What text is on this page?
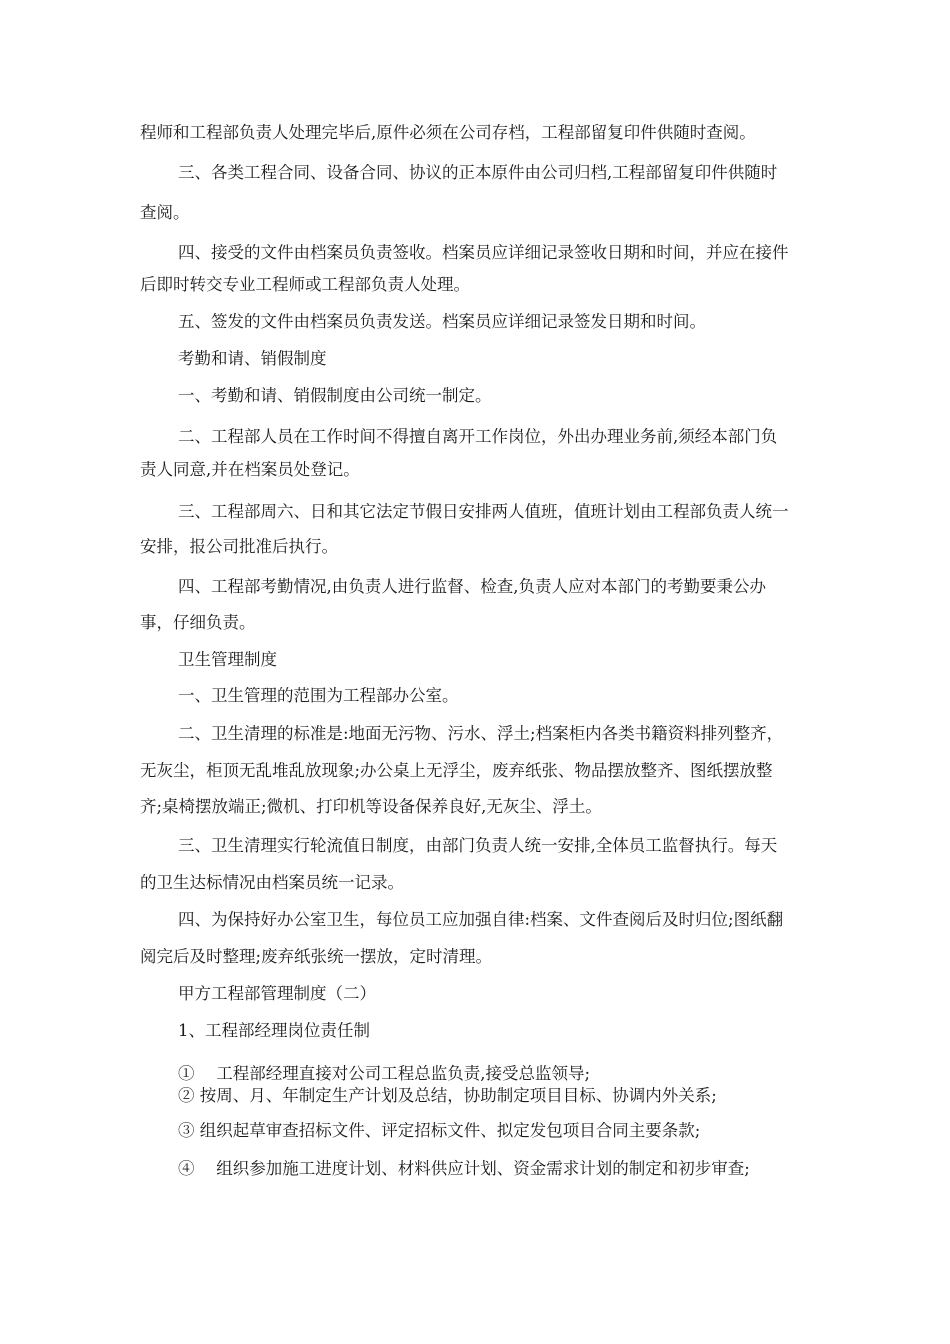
程师和工程部负责人处理完毕后,原件必须在公司存档，工程部留复印件供随时查阅。

三、各类工程合同、设备合同、协议的正本原件由公司归档,工程部留复印件供随时

查阅。

四、接受的文件由档案员负责签收。档案员应详细记录签收日期和时间，并应在接件

后即时转交专业工程师或工程部负责人处理。

五、签发的文件由档案员负责发送。档案员应详细记录签发日期和时间。

考勤和请、销假制度

一、考勤和请、销假制度由公司统一制定。

二、工程部人员在工作时间不得擅自离开工作岗位，外出办理业务前,须经本部门负

责人同意,并在档案员处登记。

三、工程部周六、日和其它法定节假日安排两人值班，值班计划由工程部负责人统一

安排，报公司批准后执行。

四、工程部考勤情况,由负责人进行监督、检查,负责人应对本部门的考勤要秉公办

事，仔细负责。

卫生管理制度

一、卫生管理的范围为工程部办公室。

二、卫生清理的标准是:地面无污物、污水、浮土;档案柜内各类书籍资料排列整齐，

无灰尘，柜顶无乱堆乱放现象;办公桌上无浮尘，废弃纸张、物品摆放整齐、图纸摆放整

齐;桌椅摆放端正;微机、打印机等设备保养良好,无灰尘、浮土。

三、卫生清理实行轮流值日制度，由部门负责人统一安排,全体员工监督执行。每天

的卫生达标情况由档案员统一记录。

四、为保持好办公室卫生，每位员工应加强自律:档案、文件查阅后及时归位;图纸翻

阅完后及时整理;废弃纸张统一摆放，定时清理。

甲方工程部管理制度（二）

1、工程部经理岗位责任制

①　 工程部经理直接对公司工程总监负责,接受总监领导;

② 按周、月、年制定生产计划及总结，协助制定项目目标、协调内外关系;

③ 组织起草审查招标文件、评定招标文件、拟定发包项目合同主要条款;

④　 组织参加施工进度计划、材料供应计划、资金需求计划的制定和初步审查;
